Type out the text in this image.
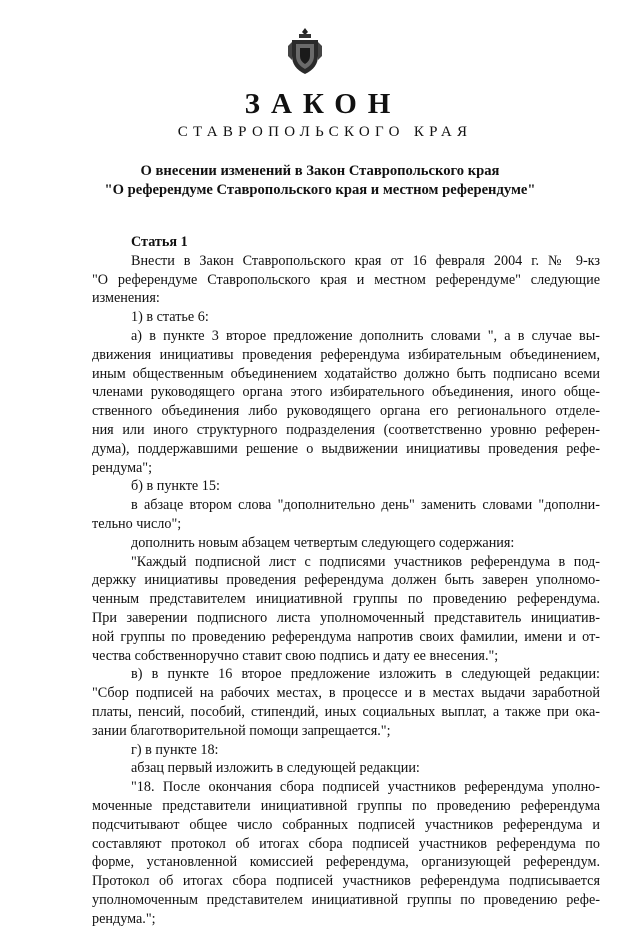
ЗАКОН
СТАВРОПОЛЬСКОГО КРАЯ
О внесении изменений в Закон Ставропольского края
"О референдуме Ставропольского края и местном референдуме"
Статья 1
Внести в Закон Ставропольского края от 16 февраля 2004 г. № 9-кз
"О референдуме Ставропольского края и местном референдуме" следующие
изменения:
1) в статье 6:
а) в пункте 3 второе предложение дополнить словами ", а в случае вы-
движения инициативы проведения референдума избирательным объединением,
иным общественным объединением ходатайство должно быть подписано всеми
членами руководящего органа этого избирательного объединения, иного обще-
ственного объединения либо руководящего органа его регионального отделе-
ния или иного структурного подразделения (соответственно уровню референ-
дума), поддержавшими решение о выдвижении инициативы проведения рефе-
рендума";
б) в пункте 15:
в абзаце втором слова "дополнительно день" заменить словами "дополни-
тельно число";
дополнить новым абзацем четвертым следующего содержания:
"Каждый подписной лист с подписями участников референдума в под-
держку инициативы проведения референдума должен быть заверен уполномо-
ченным представителем инициативной группы по проведению референдума.
При заверении подписного листа уполномоченный представитель инициатив-
ной группы по проведению референдума напротив своих фамилии, имени и от-
чества собственноручно ставит свою подпись и дату ее внесения.";
в) в пункте 16 второе предложение изложить в следующей редакции:
"Сбор подписей на рабочих местах, в процессе и в местах выдачи заработной
платы, пенсий, пособий, стипендий, иных социальных выплат, а также при ока-
зании благотворительной помощи запрещается.";
г) в пункте 18:
абзац первый изложить в следующей редакции:
"18. После окончания сбора подписей участников референдума уполно-
моченные представители инициативной группы по проведению референдума
подсчитывают общее число собранных подписей участников референдума и
составляют протокол об итогах сбора подписей участников референдума по
форме, установленной комиссией референдума, организующей референдум.
Протокол об итогах сбора подписей участников референдума подписывается
уполномоченным представителем инициативной группы по проведению рефе-
рендума.";
